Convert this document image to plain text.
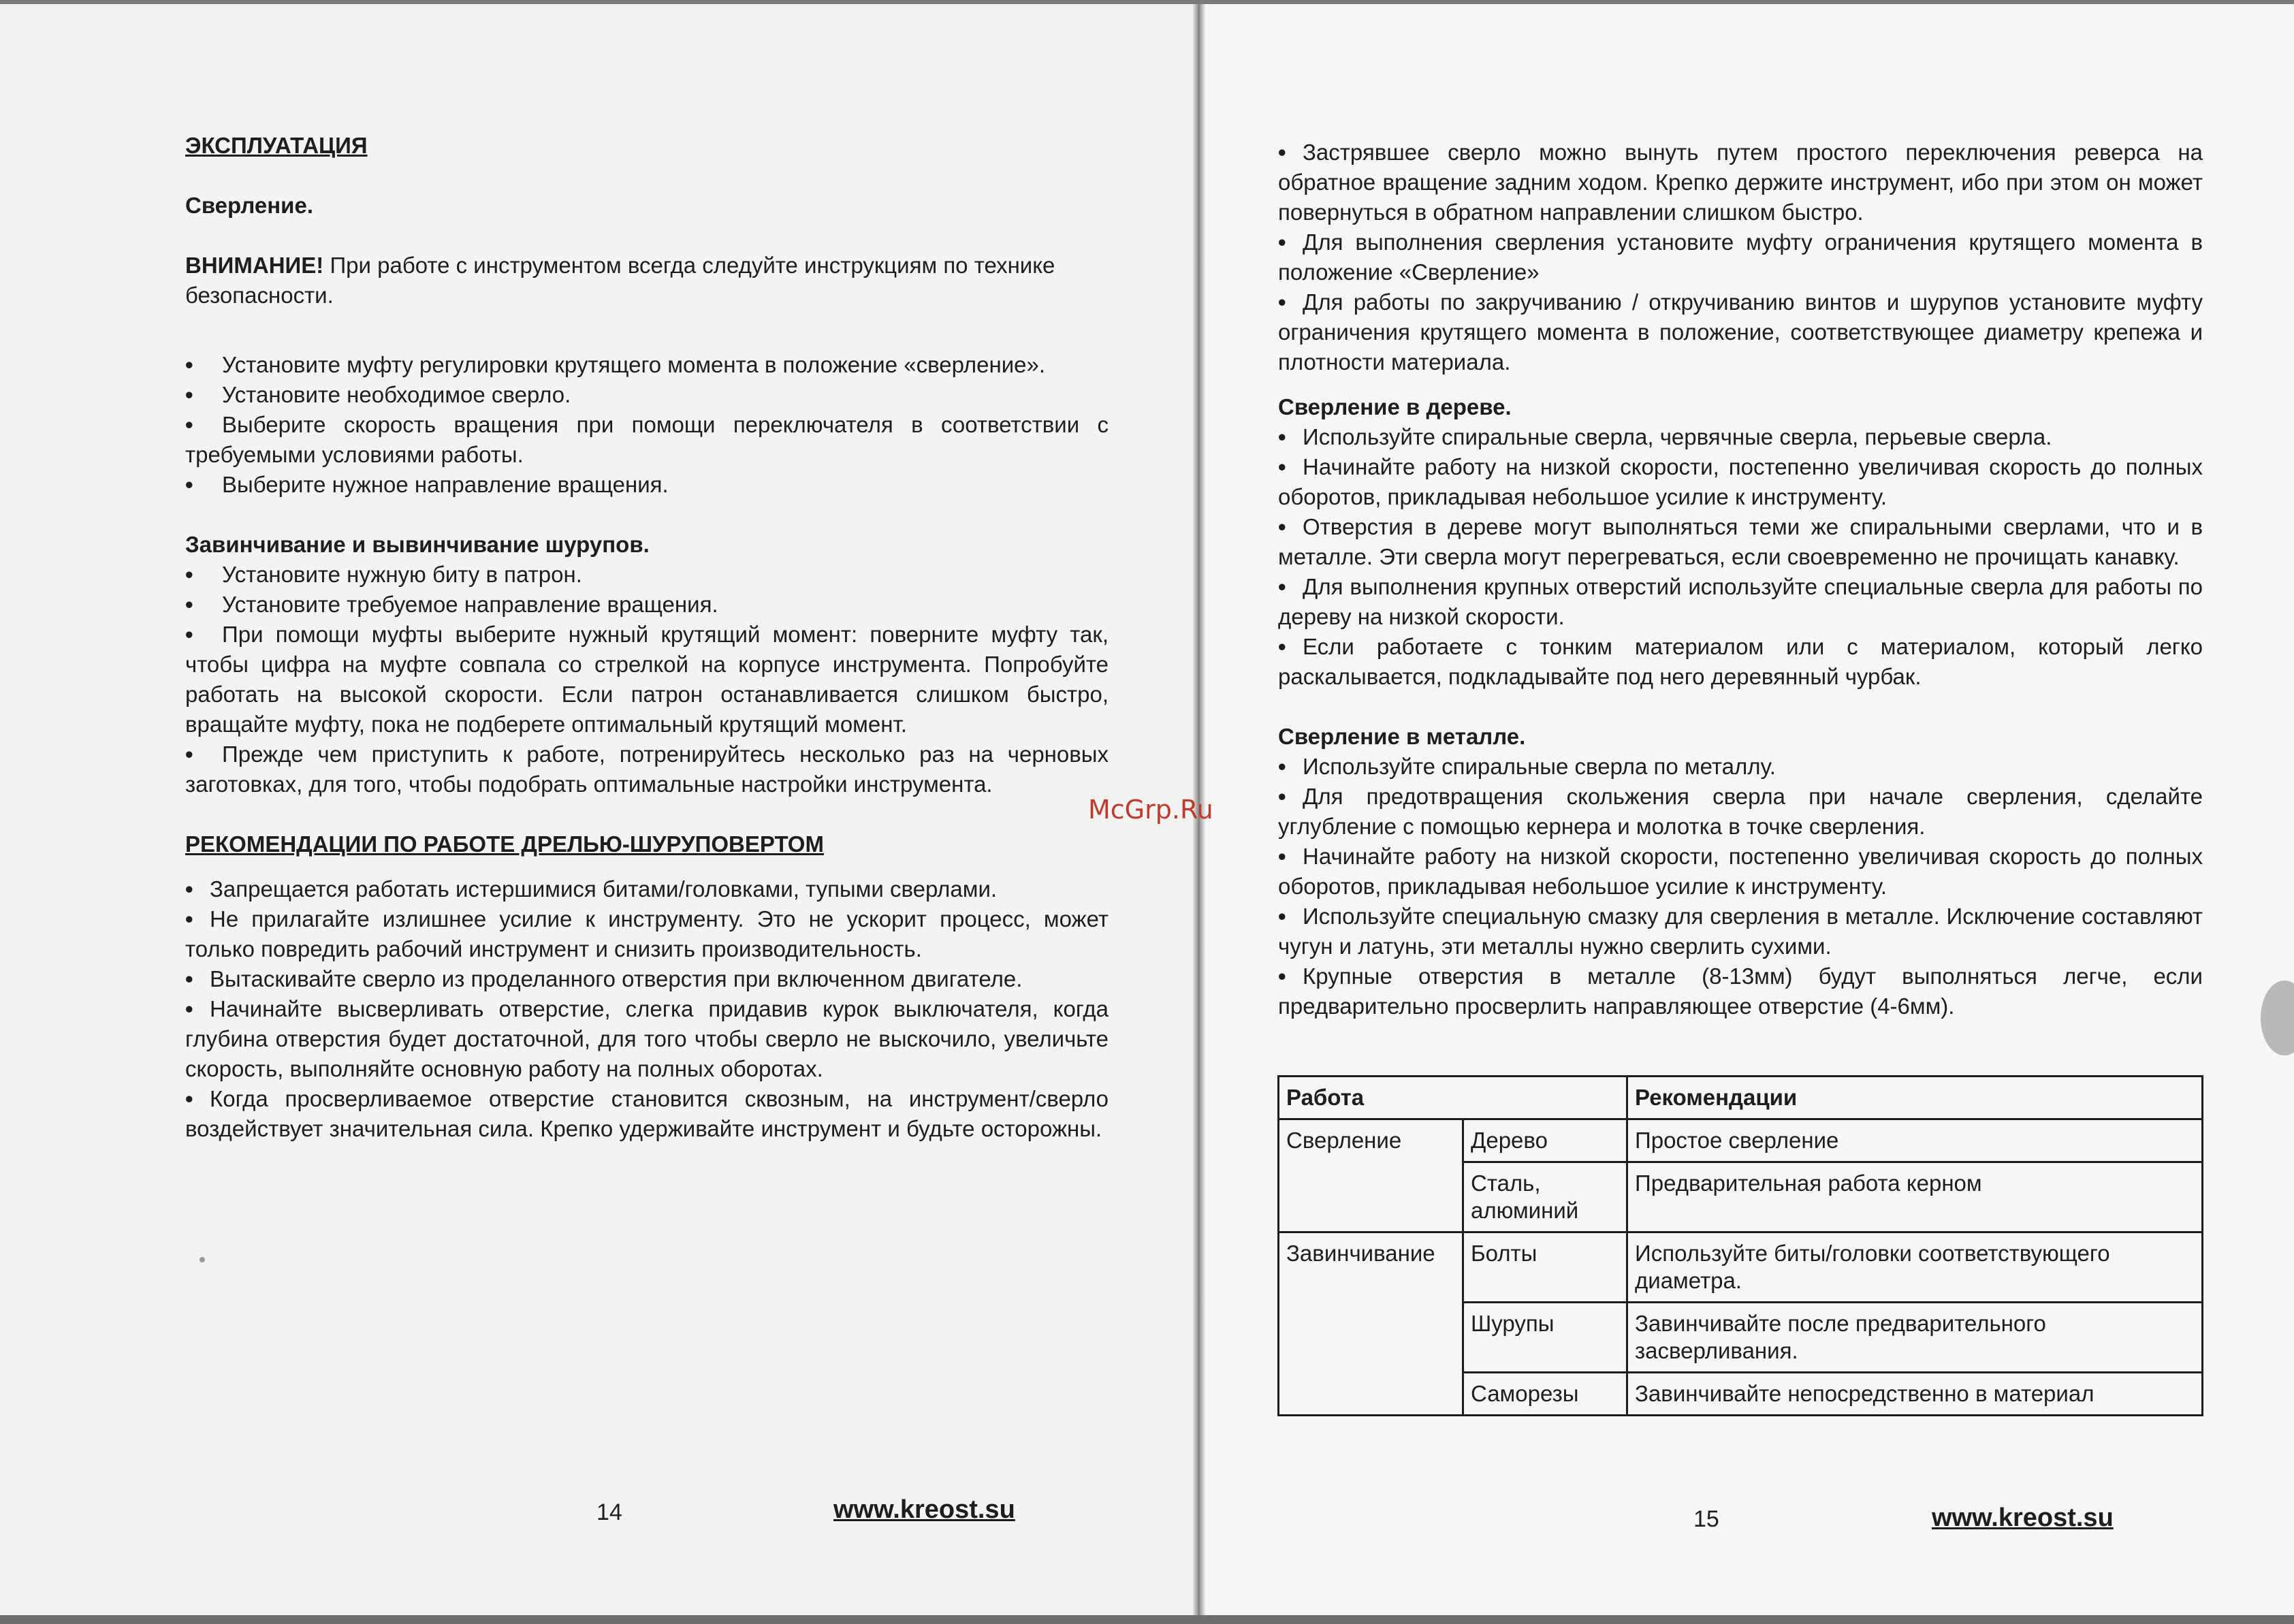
ЭКСПЛУАТАЦИЯ

Сверление.

ВНИМАНИЕ! При работе с инструментом всегда следуйте инструкциям по технике безопасности.

• Установите муфту регулировки крутящего момента в положение «сверление».
• Установите необходимое сверло.
• Выберите скорость вращения при помощи переключателя в соответствии с требуемыми условиями работы.
• Выберите нужное направление вращения.

Завинчивание и вывинчивание шурупов.

• Установите нужную биту в патрон.
• Установите требуемое направление вращения.
• При помощи муфты выберите нужный крутящий момент: поверните муфту так, чтобы цифра на муфте совпала со стрелкой на корпусе инструмента. Попробуйте работать на высокой скорости. Если патрон останавливается слишком быстро, вращайте муфту, пока не подберете оптимальный крутящий момент.
• Прежде чем приступить к работе, потренируйтесь несколько раз на черновых заготовках, для того, чтобы подобрать оптимальные настройки инструмента.

РЕКОМЕНДАЦИИ ПО РАБОТЕ ДРЕЛЬЮ-ШУРУПОВЕРТОМ

• Запрещается работать истершимися битами/головками, тупыми сверлами.
• Не прилагайте излишнее усилие к инструменту. Это не ускорит процесс, может только повредить рабочий инструмент и снизить производительность.
• Вытаскивайте сверло из проделанного отверстия при включенном двигателе.
• Начинайте высверливать отверстие, слегка придавив курок выключателя, когда глубина отверстия будет достаточной, для того чтобы сверло не выскочило, увеличьте скорость, выполняйте основную работу на полных оборотах.
• Когда просверливаемое отверстие становится сквозным, на инструмент/сверло воздействует значительная сила. Крепко удерживайте инструмент и будьте осторожны.
14	www.kreost.su
McGrp.Ru
• Застрявшее сверло можно вынуть путем простого переключения реверса на обратное вращение задним ходом. Крепко держите инструмент, ибо при этом он может повернуться в обратном направлении слишком быстро.
• Для выполнения сверления установите муфту ограничения крутящего момента в положение «Сверление»
• Для работы по закручиванию / откручиванию винтов и шурупов установите муфту ограничения крутящего момента в положение, соответствующее диаметру крепежа и плотности материала.

Сверление в дереве.

• Используйте спиральные сверла, червячные сверла, перьевые сверла.
• Начинайте работу на низкой скорости, постепенно увеличивая скорость до полных оборотов, прикладывая небольшое усилие к инструменту.
• Отверстия в дереве могут выполняться теми же спиральными сверлами, что и в металле. Эти сверла могут перегреваться, если своевременно не прочищать канавку.
• Для выполнения крупных отверстий используйте специальные сверла для работы по дереву на низкой скорости.
• Если работаете с тонким материалом или с материалом, который легко раскалывается, подкладывайте под него деревянный чурбак.

Сверление в металле.

• Используйте спиральные сверла по металлу.
• Для предотвращения скольжения сверла при начале сверления, сделайте углубление с помощью кернера и молотка в точке сверления.
• Начинайте работу на низкой скорости, постепенно увеличивая скорость до полных оборотов, прикладывая небольшое усилие к инструменту.
• Используйте специальную смазку для сверления в металле. Исключение составляют чугун и латунь, эти металлы нужно сверлить сухими.
• Крупные отверстия в металле (8-13мм) будут выполняться легче, если предварительно просверлить направляющее отверстие (4-6мм).
Работа		Рекомендации
Сверление	Дерево	Простое сверление
	Сталь, алюминий	Предварительная работа керном
Завинчивание	Болты	Используйте биты/головки соответствующего диаметра.
	Шурупы	Завинчивайте после предварительного засверливания.
	Саморезы	Завинчивайте непосредственно в материал
15	www.kreost.su
